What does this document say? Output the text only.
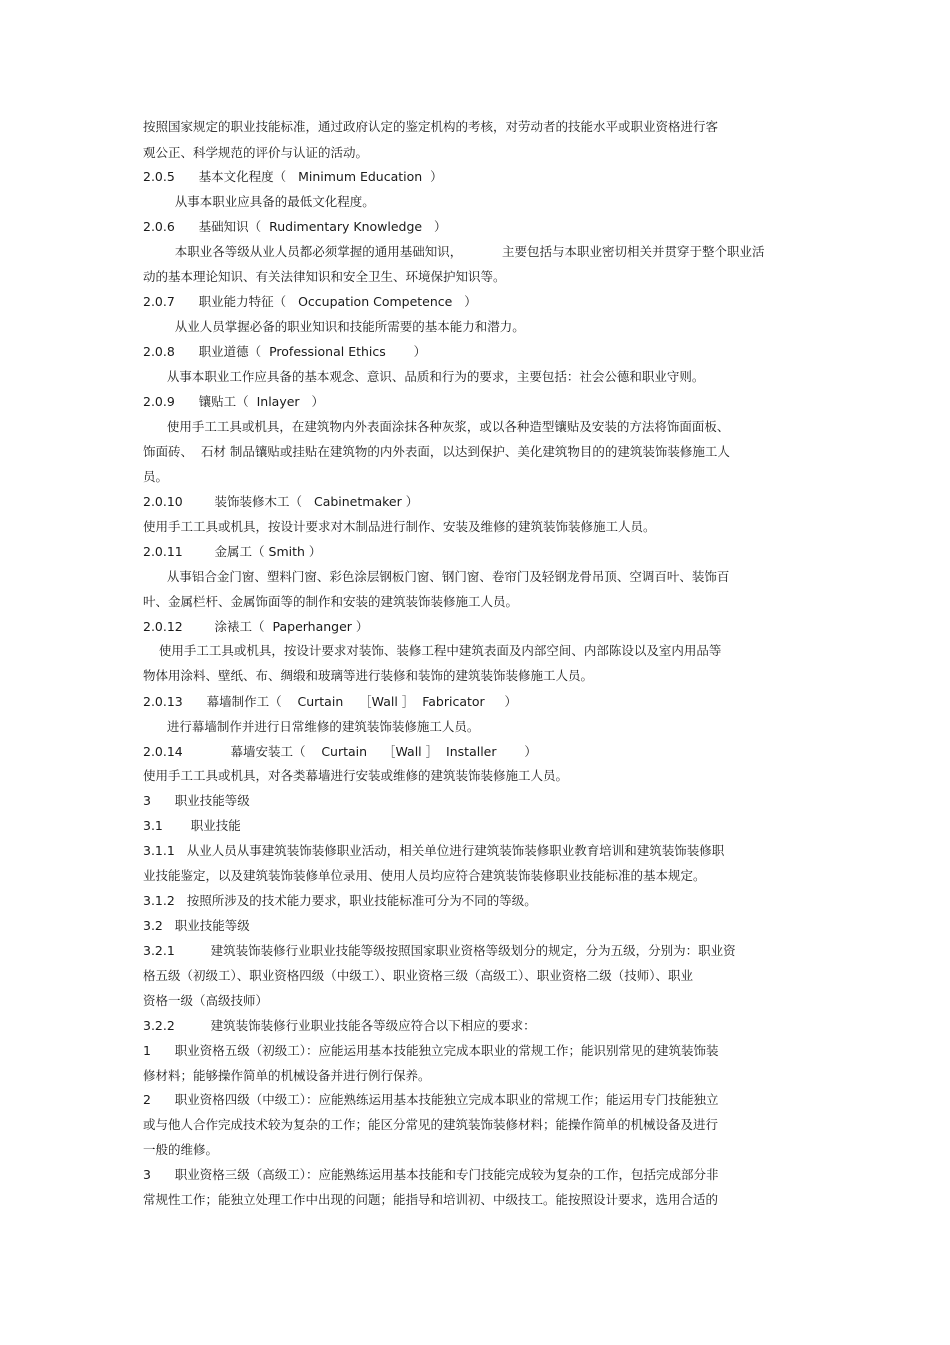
按照国家规定的职业技能标准，通过政府认定的鉴定机构的考核，对劳动者的技能水平或职业资格进行客
观公正、科学规范的评价与认证的活动。
2.0.5      基本文化程度（   Minimum Education  ）
从事本职业应具备的最低文化程度。
2.0.6      基础知识（  Rudimentary Knowledge   ）
本职业各等级从业人员都必须掌握的通用基础知识，          主要包括与本职业密切相关并贯穿于整个职业活
动的基本理论知识、有关法律知识和安全卫生、环境保护知识等。
2.0.7      职业能力特征（   Occupation Competence   ）
从业人员掌握必备的职业知识和技能所需要的基本能力和潜力。
2.0.8      职业道德（  Professional Ethics       ）
从事本职业工作应具备的基本观念、意识、品质和行为的要求，主要包括：社会公德和职业守则。
2.0.9      镶贴工（  Inlayer   ）
使用手工工具或机具，在建筑物内外表面涂抹各种灰浆，或以各种造型镶贴及安装的方法将饰面面板、
饰面砖、  石材 制品镶贴或挂贴在建筑物的内外表面，以达到保护、美化建筑物目的的建筑装饰装修施工人
员。
2.0.10        装饰装修木工（   Cabinetmaker ）
使用手工工具或机具，按设计要求对木制品进行制作、安装及维修的建筑装饰装修施工人员。
2.0.11        金属工（ Smith ）
从事铝合金门窗、塑料门窗、彩色涂层钢板门窗、钢门窗、卷帘门及轻钢龙骨吊顶、空调百叶、装饰百
叶、金属栏杆、金属饰面等的制作和安装的建筑装饰装修施工人员。
2.0.12        涂裱工（  Paperhanger ）
使用手工工具或机具，按设计要求对装饰、装修工程中建筑表面及内部空间、内部陈设以及室内用品等
物体用涂料、壁纸、布、绸缎和玻璃等进行装修和装饰的建筑装饰装修施工人员。
2.0.13      幕墙制作工（    Curtain    ［Wall ］  Fabricator     ）
进行幕墙制作并进行日常维修的建筑装饰装修施工人员。
2.0.14            幕墙安装工（    Curtain    ［Wall ］  Installer       ）
使用手工工具或机具，对各类幕墙进行安装或维修的建筑装饰装修施工人员。
3      职业技能等级
3.1       职业技能
3.1.1   从业人员从事建筑装饰装修职业活动，相关单位进行建筑装饰装修职业教育培训和建筑装饰装修职
业技能鉴定，以及建筑装饰装修单位录用、使用人员均应符合建筑装饰装修职业技能标准的基本规定。
3.1.2   按照所涉及的技术能力要求，职业技能标准可分为不同的等级。
3.2   职业技能等级
3.2.1         建筑装饰装修行业职业技能等级按照国家职业资格等级划分的规定，分为五级，分别为：职业资
格五级（初级工）、职业资格四级（中级工）、职业资格三级（高级工）、职业资格二级（技师）、职业
资格一级（高级技师）
3.2.2         建筑装饰装修行业职业技能各等级应符合以下相应的要求：
1      职业资格五级（初级工）：应能运用基本技能独立完成本职业的常规工作；能识别常见的建筑装饰装
修材料；能够操作简单的机械设备并进行例行保养。
2      职业资格四级（中级工）：应能熟练运用基本技能独立完成本职业的常规工作；能运用专门技能独立
或与他人合作完成技术较为复杂的工作；能区分常见的建筑装饰装修材料；能操作简单的机械设备及进行
一般的维修。
3      职业资格三级（高级工）：应能熟练运用基本技能和专门技能完成较为复杂的工作，包括完成部分非
常规性工作；能独立处理工作中出现的问题；能指导和培训初、中级技工。能按照设计要求，选用合适的
